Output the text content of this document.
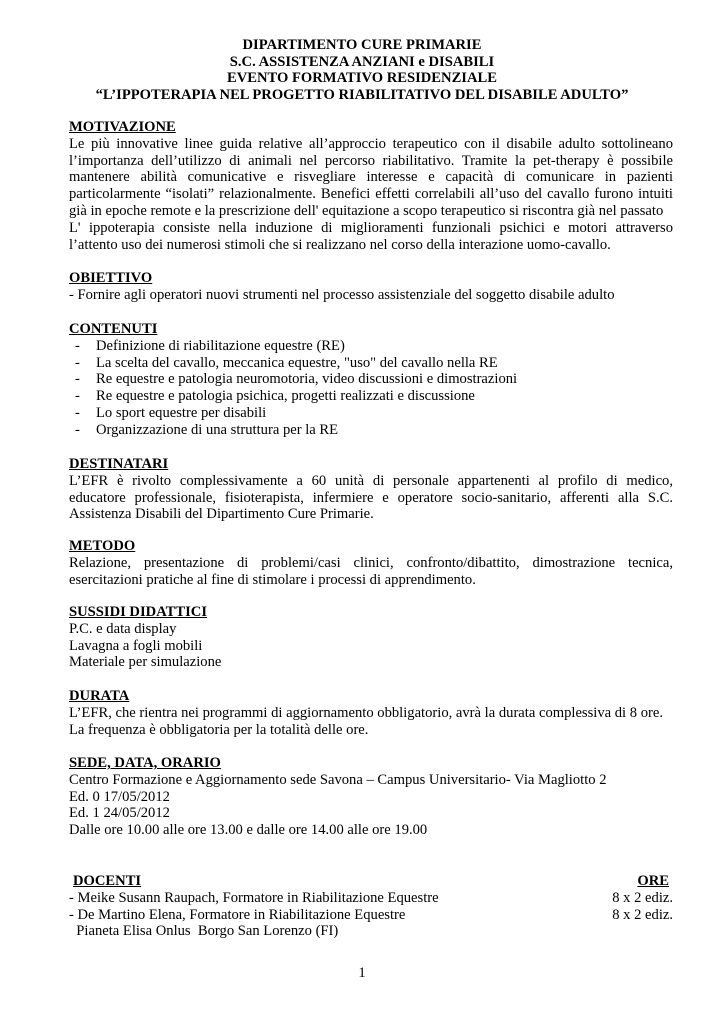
DIPARTIMENTO CURE PRIMARIE
S.C. ASSISTENZA ANZIANI e DISABILI
EVENTO FORMATIVO RESIDENZIALE
“L’IPPOTERAPIA NEL PROGETTO RIABILITATIVO DEL DISABILE ADULTO”
MOTIVAZIONE
Le più innovative linee guida relative all’approccio terapeutico con il disabile adulto sottolineano
l’importanza dell’utilizzo di animali nel percorso riabilitativo. Tramite la pet-therapy è possibile
mantenere abilità comunicative e risvegliare interesse e capacità di comunicare in pazienti
particolarmente “isolati” relazionalmente. Benefici effetti correlabili all’uso del cavallo furono intuiti
già in epoche remote e la prescrizione dell' equitazione a scopo terapeutico si riscontra già nel passato
L' ippoterapia consiste nella induzione di miglioramenti funzionali psichici e motori attraverso
l’attento uso dei numerosi stimoli che si realizzano nel corso della interazione uomo-cavallo.
OBIETTIVO
- Fornire agli operatori nuovi strumenti nel processo assistenziale del soggetto disabile adulto
CONTENUTI
-	Definizione di riabilitazione equestre (RE)
-	La scelta del cavallo, meccanica equestre, "uso" del cavallo nella RE
-	Re equestre e patologia neuromotoria, video discussioni e dimostrazioni
-	Re equestre e patologia psichica, progetti realizzati e discussione
-	Lo sport equestre per disabili
-	Organizzazione di una struttura per la RE
DESTINATARI
L’EFR è rivolto complessivamente a 60 unità di personale appartenenti al profilo di medico,
educatore professionale, fisioterapista, infermiere e operatore socio-sanitario, afferenti alla S.C.
Assistenza Disabili del Dipartimento Cure Primarie.
METODO
Relazione, presentazione di problemi/casi clinici, confronto/dibattito, dimostrazione tecnica,
esercitazioni pratiche al fine di stimolare i processi di apprendimento.
SUSSIDI DIDATTICI
P.C. e data display
Lavagna a fogli mobili
Materiale per simulazione
DURATA
L’EFR, che rientra nei programmi di aggiornamento obbligatorio, avrà la durata complessiva di 8 ore.
La frequenza è obbligatoria per la totalità delle ore.
SEDE, DATA, ORARIO
Centro Formazione e Aggiornamento sede Savona – Campus Universitario- Via Magliotto 2
Ed. 0 17/05/2012
Ed. 1 24/05/2012
Dalle ore 10.00 alle ore 13.00 e dalle ore 14.00 alle ore 19.00
DOCENTI	ORE
- Meike Susann Raupach, Formatore in Riabilitazione Equestre	8 x 2 ediz.
- De Martino Elena, Formatore in Riabilitazione Equestre	8 x 2 ediz.
Pianeta Elisa Onlus  Borgo San Lorenzo (FI)
1
